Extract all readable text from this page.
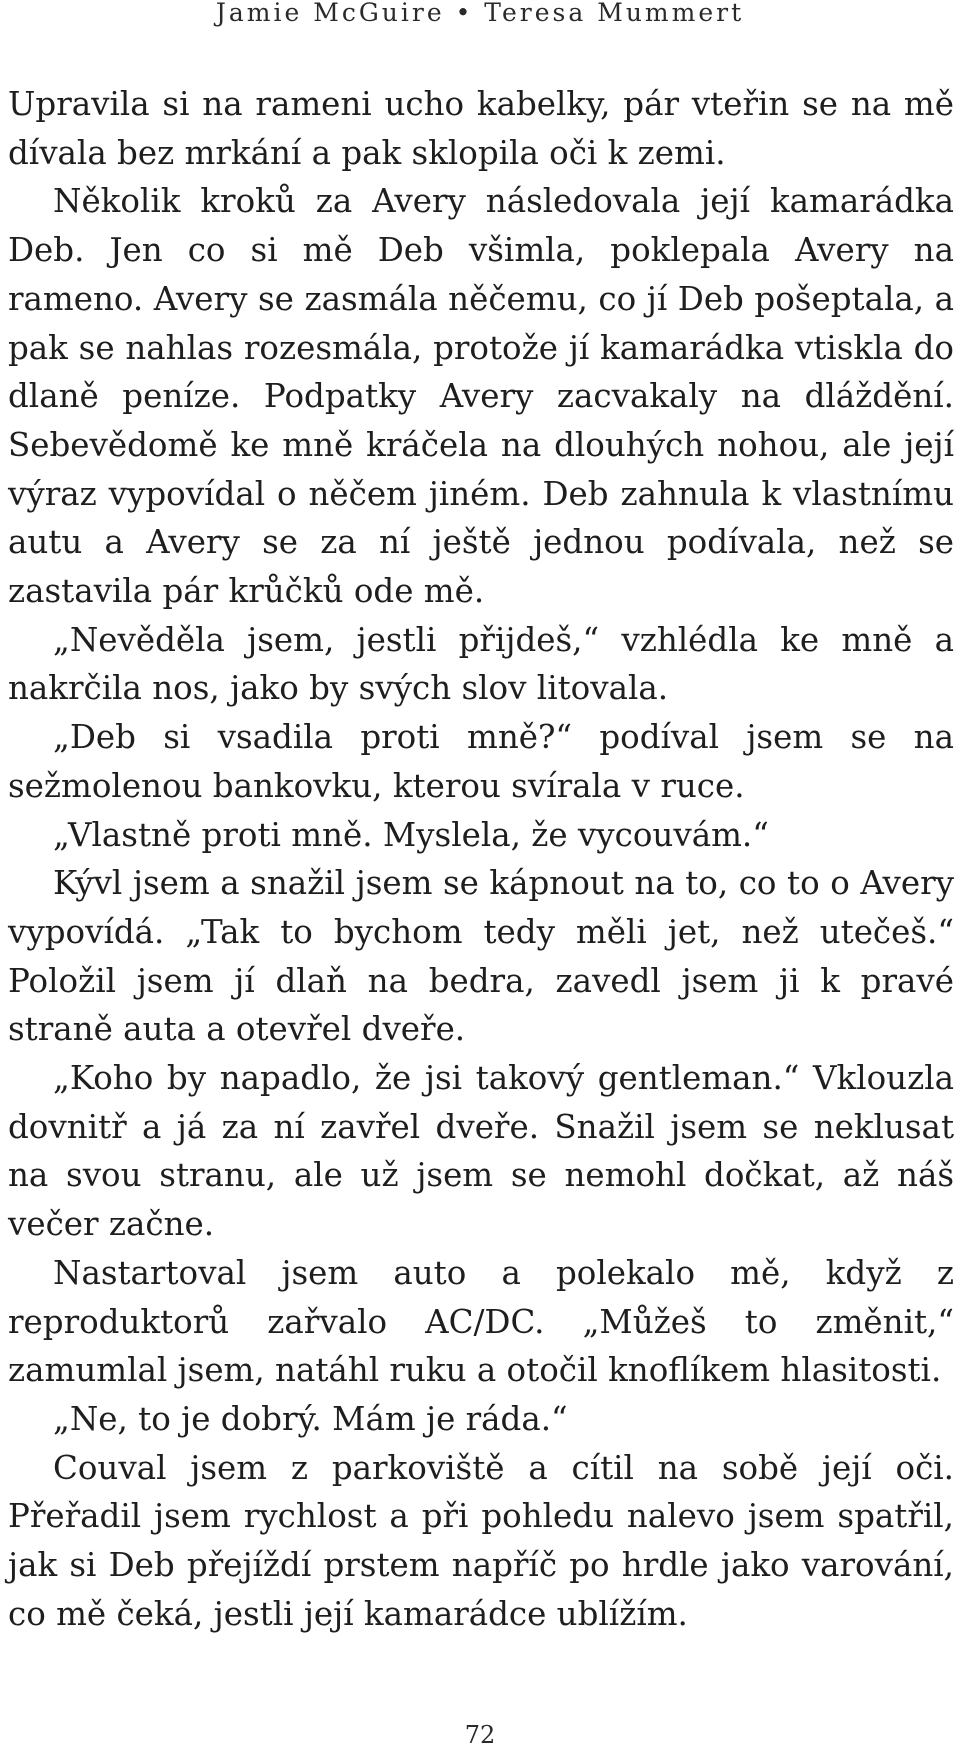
Jamie McGuire • Teresa Mummert

Upravila si na rameni ucho kabelky, pár vteřin se na mě dívala bez mrkání a pak sklopila oči k zemi.

Několik kroků za Avery následovala její kamarádka Deb. Jen co si mě Deb všimla, poklepala Avery na rameno. Avery se zasmála něčemu, co jí Deb pošeptala, a pak se nahlas rozesmála, protože jí kamarádka vtiskla do dlaně peníze. Podpatky Avery zacvakaly na dláždění. Sebevědomě ke mně kráčela na dlouhých nohou, ale její výraz vypovídal o něčem jiném. Deb zahnula k vlastnímu autu a Avery se za ní ještě jednou podívala, než se zastavila pár krůčků ode mě.

„Nevěděla jsem, jestli přijdeš,“ vzhlédla ke mně a nakrčila nos, jako by svých slov litovala.

„Deb si vsadila proti mně?“ podíval jsem se na sežmolenou bankovku, kterou svírala v ruce.

„Vlastně proti mně. Myslela, že vycouvám.“

Kývl jsem a snažil jsem se kápnout na to, co to o Avery vypovídá. „Tak to bychom tedy měli jet, než utečeš.“ Položil jsem jí dlaň na bedra, zavedl jsem ji k pravé straně auta a otevřel dveře.

„Koho by napadlo, že jsi takový gentleman.“ Vklouzla dovnitř a já za ní zavřel dveře. Snažil jsem se neklusat na svou stranu, ale už jsem se nemohl dočkat, až náš večer začne.

Nastartoval jsem auto a polekalo mě, když z reproduktorů zařvalo AC/DC. „Můžeš to změnit,“ zamumlal jsem, natáhl ruku a otočil knoflíkem hlasitosti.

„Ne, to je dobrý. Mám je ráda.“

Couval jsem z parkoviště a cítil na sobě její oči. Přeřadil jsem rychlost a při pohledu nalevo jsem spatřil, jak si Deb přejíždí prstem napříč po hrdle jako varování, co mě čeká, jestli její kamarádce ublížím.

72
